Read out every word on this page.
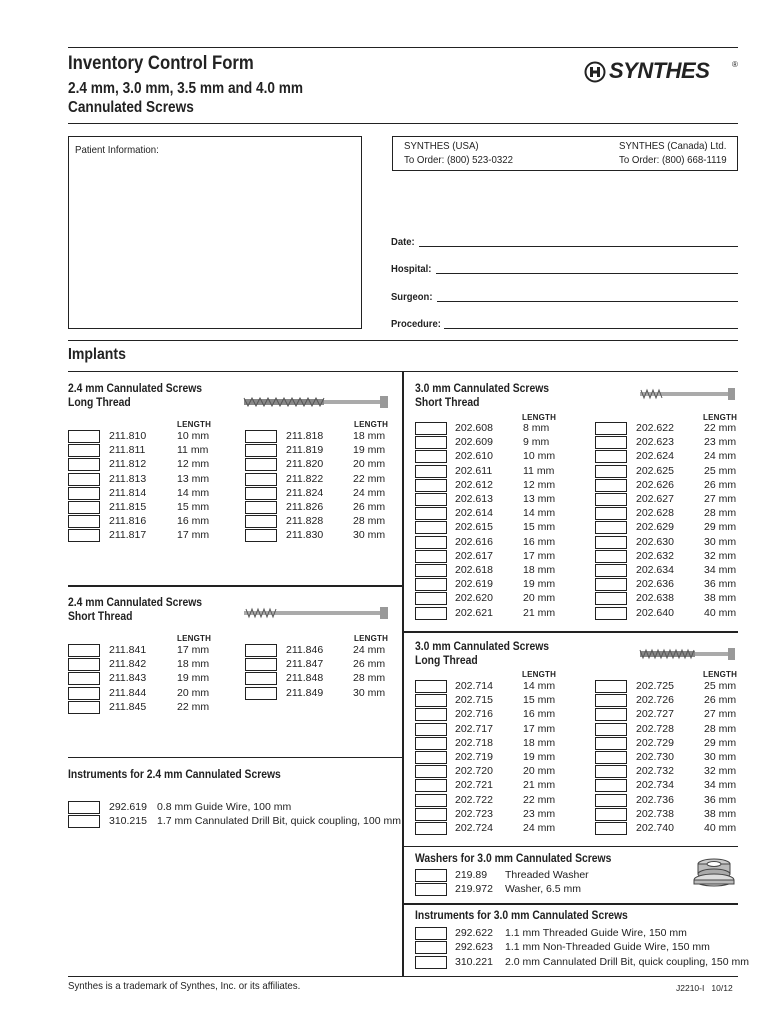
Inventory Control Form
2.4 mm, 3.0 mm, 3.5 mm and 4.0 mm
Cannulated Screws
SYNTHES	®
Patient Information:	SYNTHES (USA)
To Order: (800) 523-0322
SYNTHES (Canada) Ltd.
To Order: (800) 668-1119
Date:
Hospital:
Surgeon:
Procedure:
Implants
2.4 mm Cannulated Screws
Long Thread
LENGTH	LENGTH
211.810	10 mm
211.811	11 mm
211.812	12 mm
211.813	13 mm
211.814	14 mm
211.815	15 mm
211.816	16 mm
211.817	17 mm
211.818	18 mm
211.819	19 mm
211.820	20 mm
211.822	22 mm
211.824	24 mm
211.826	26 mm
211.828	28 mm
211.830	30 mm
2.4 mm Cannulated Screws
Short Thread
LENGTH	LENGTH
211.841	17 mm
211.842	18 mm
211.843	19 mm
211.844	20 mm
211.845	22 mm
211.846	24 mm
211.847	26 mm
211.848	28 mm
211.849	30 mm
Instruments for 2.4 mm Cannulated Screws
292.619 0.8 mm Guide Wire, 100 mm
310.215 1.7 mm Cannulated Drill Bit, quick coupling, 100 mm
3.0 mm Cannulated Screws
Short Thread
LENGTH	LENGTH
202.608	8 mm
202.609	9 mm
202.610	10 mm
202.611	11 mm
202.612	12 mm
202.613	13 mm
202.614	14 mm
202.615	15 mm
202.616	16 mm
202.617	17 mm
202.618	18 mm
202.619	19 mm
202.620	20 mm
202.621	21 mm
202.622	22 mm
202.623	23 mm
202.624	24 mm
202.625	25 mm
202.626	26 mm
202.627	27 mm
202.628	28 mm
202.629	29 mm
202.630	30 mm
202.632	32 mm
202.634	34 mm
202.636	36 mm
202.638	38 mm
202.640	40 mm
3.0 mm Cannulated Screws
Long Thread
LENGTH	LENGTH
202.714	14 mm
202.715	15 mm
202.716	16 mm
202.717	17 mm
202.718	18 mm
202.719	19 mm
202.720	20 mm
202.721	21 mm
202.722	22 mm
202.723	23 mm
202.724	24 mm
202.725	25 mm
202.726	26 mm
202.727	27 mm
202.728	28 mm
202.729	29 mm
202.730	30 mm
202.732	32 mm
202.734	34 mm
202.736	36 mm
202.738	38 mm
202.740	40 mm
Washers for 3.0 mm Cannulated Screws
219.89 Threaded Washer
219.972 Washer, 6.5 mm
Instruments for 3.0 mm Cannulated Screws
292.622 1.1 mm Threaded Guide Wire, 150 mm
292.623 1.1 mm Non-Threaded Guide Wire, 150 mm
310.221 2.0 mm Cannulated Drill Bit, quick coupling, 150 mm
Synthes is a trademark of Synthes, Inc. or its affiliates.	J2210-I   10/12
